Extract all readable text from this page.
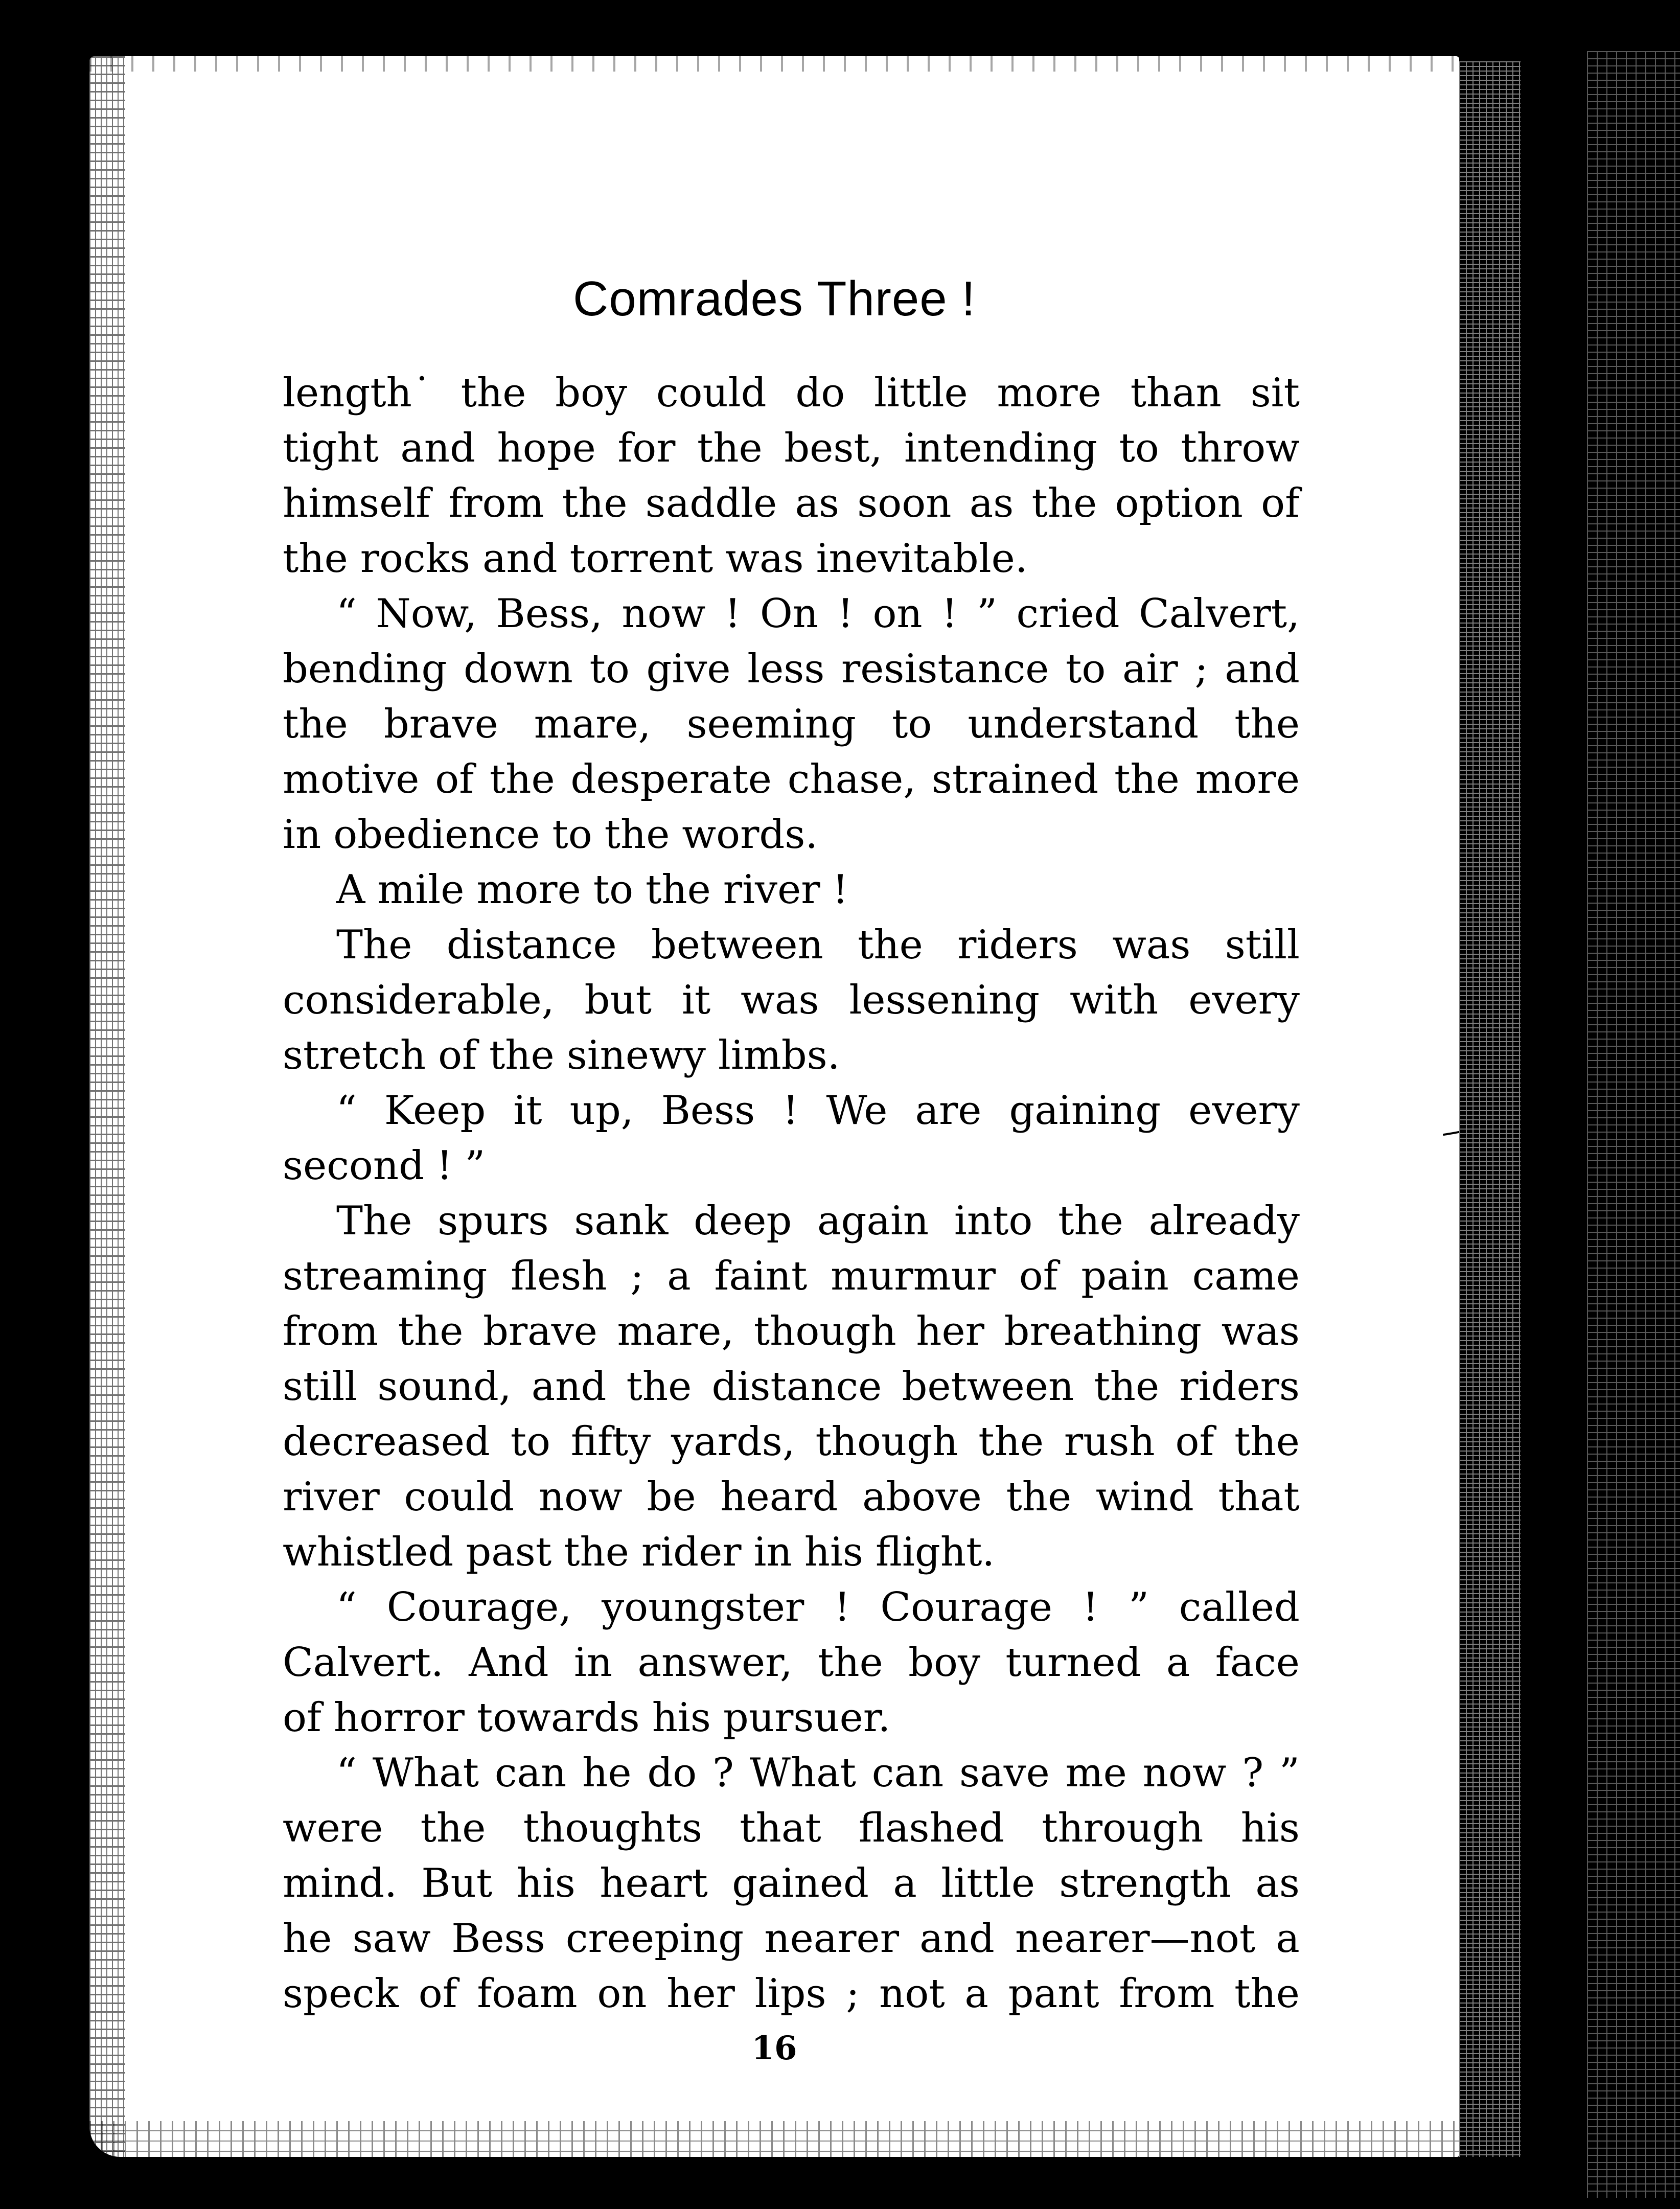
Comrades Three !
length˙ the boy could do little more than sit
tight and hope for the best, intending to throw
himself from the saddle as soon as the option of
the rocks and torrent was inevitable.
“ Now, Bess, now ! On ! on ! ” cried Calvert,
bending down to give less resistance to air ; and
the brave mare, seeming to understand the
motive of the desperate chase, strained the more
in obedience to the words.
A mile more to the river !
The distance between the riders was still
considerable, but it was lessening with every
stretch of the sinewy limbs.
“ Keep it up, Bess ! We are gaining every
second ! ”
The spurs sank deep again into the already
streaming flesh ; a faint murmur of pain came
from the brave mare, though her breathing was
still sound, and the distance between the riders
decreased to fifty yards, though the rush of the
river could now be heard above the wind that
whistled past the rider in his flight.
“ Courage, youngster ! Courage ! ” called
Calvert. And in answer, the boy turned a face
of horror towards his pursuer.
“ What can he do ? What can save me now ? ”
were the thoughts that flashed through his
mind. But his heart gained a little strength as
he saw Bess creeping nearer and nearer—not a
speck of foam on her lips ; not a pant from the
16
